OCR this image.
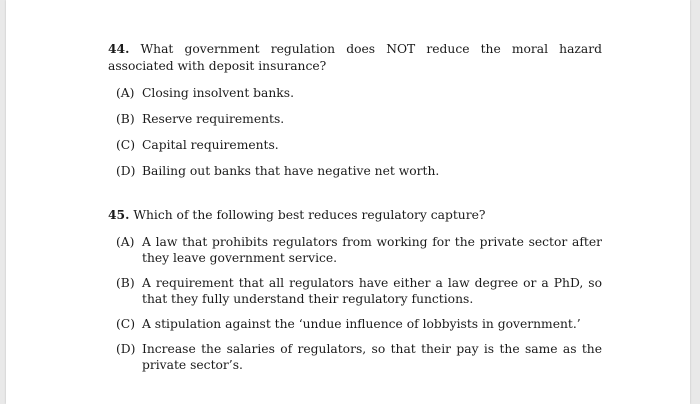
44. What government regulation does NOT reduce the moral hazard associated with deposit insurance?

(A) Closing insolvent banks.
(B) Reserve requirements.
(C) Capital requirements.
(D) Bailing out banks that have negative net worth.

45. Which of the following best reduces regulatory capture?

(A) A law that prohibits regulators from working for the private sector after they leave government service.
(B) A requirement that all regulators have either a law degree or a PhD, so that they fully understand their regulatory functions.
(C) A stipulation against the ‘undue influence of lobbyists in government.’
(D) Increase the salaries of regulators, so that their pay is the same as the private sector’s.
